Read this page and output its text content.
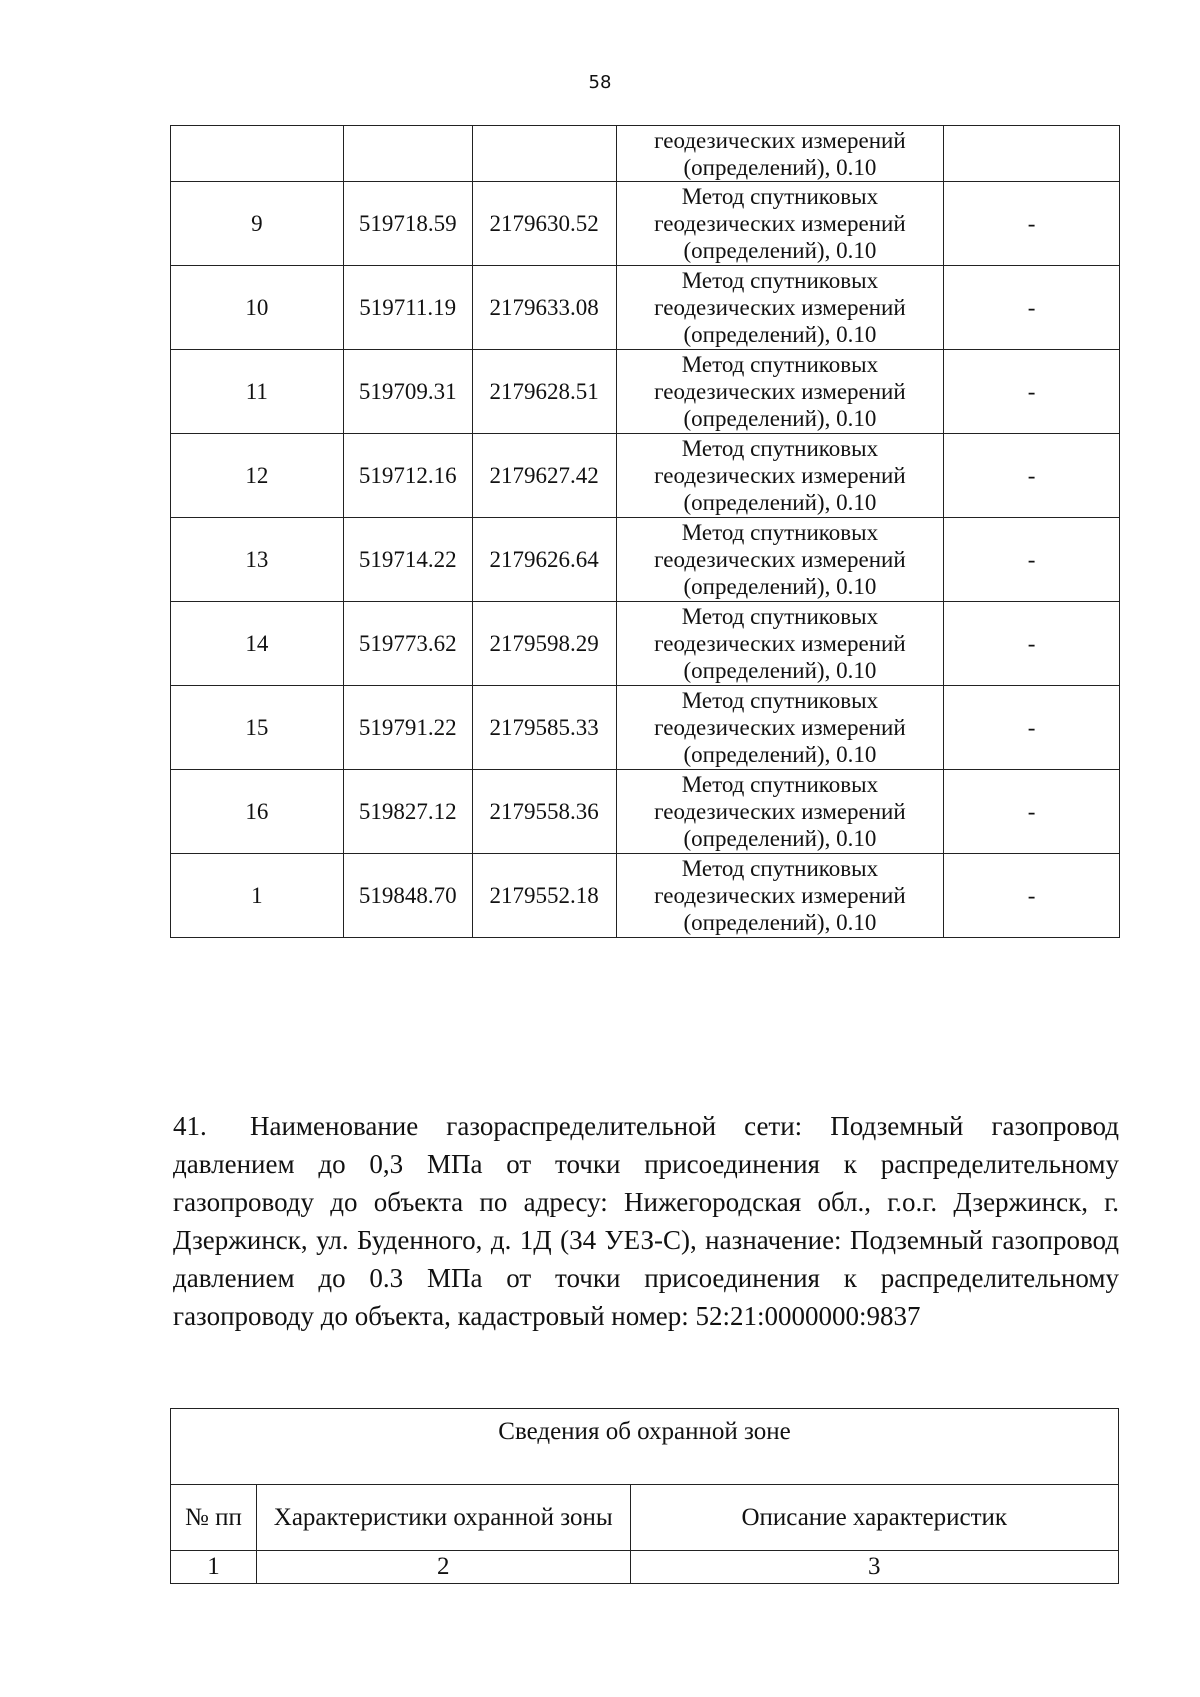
58

			геодезических измерений
(определений), 0.10	

9	519718.59	2179630.52	Метод спутниковых
геодезических измерений
(определений), 0.10	-
10	519711.19	2179633.08	Метод спутниковых
геодезических измерений
(определений), 0.10	-
11	519709.31	2179628.51	Метод спутниковых
геодезических измерений
(определений), 0.10	-
12	519712.16	2179627.42	Метод спутниковых
геодезических измерений
(определений), 0.10	-
13	519714.22	2179626.64	Метод спутниковых
геодезических измерений
(определений), 0.10	-
14	519773.62	2179598.29	Метод спутниковых
геодезических измерений
(определений), 0.10	-
15	519791.22	2179585.33	Метод спутниковых
геодезических измерений
(определений), 0.10	-
16	519827.12	2179558.36	Метод спутниковых
геодезических измерений
(определений), 0.10	-
1	519848.70	2179552.18	Метод спутниковых
геодезических измерений
(определений), 0.10	-

41. Наименование газораспределительной сети: Подземный газопровод давлением до 0,3 МПа от точки присоединения к распределительному газопроводу до объекта по адресу: Нижегородская обл., г.о.г. Дзержинск, г. Дзержинск, ул. Буденного, д. 1Д (34 УЕЗ-С), назначение: Подземный газопровод давлением до 0.3 МПа от точки присоединения к распределительному газопроводу до объекта, кадастровый номер: 52:21:0000000:9837

Сведения об охранной зоне		
№ пп	Характеристики охранной зоны	Описание характеристик
1	2	3
